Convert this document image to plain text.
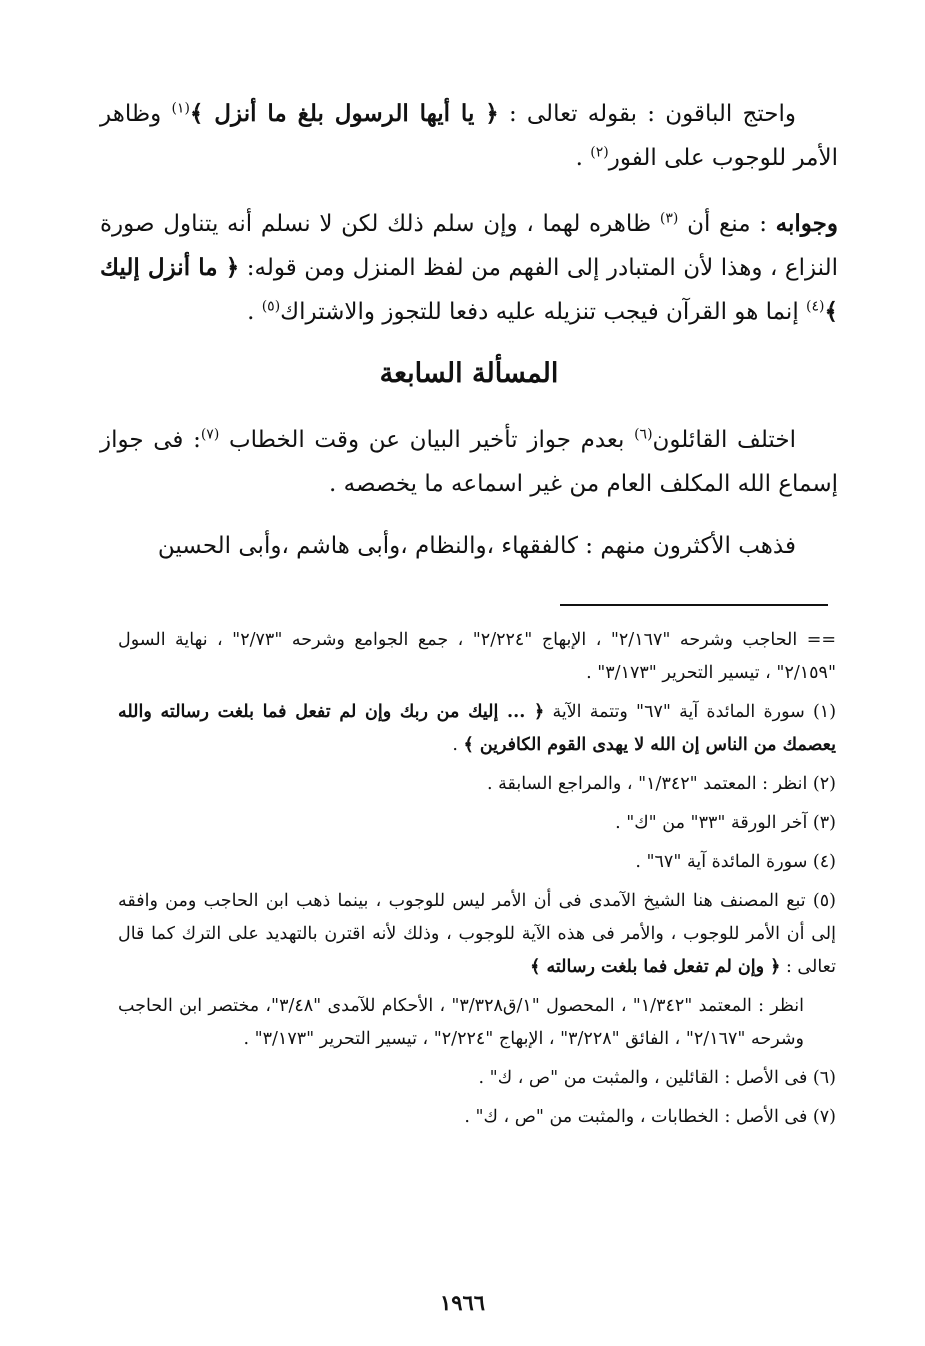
واحتج الباقون : بقوله تعالى : ﴿ يا أيها الرسول بلغ ما أنزل ﴾$^{(١)}$ وظاهر الأمر للوجوب على الفور$^{(٢)}$ .
وجوابه : منع أن $^{(٣)}$ ظاهره لهما ، وإن سلم ذلك لكن لا نسلم أنه يتناول صورة النزاع ، وهذا لأن المتبادر إلى الفهم من لفظ المنزل ومن قوله: ﴿ ما أنزل إليك ﴾$^{(٤)}$ إنما هو القرآن فيجب تنزيله عليه دفعا للتجوز والاشتراك$^{(٥)}$ .
المسألة السابعة
اختلف القائلون$^{(٦)}$ بعدم جواز تأخير البيان عن وقت الخطاب $^{(٧)}$: فى جواز إسماع الله المكلف العام من غير اسماعه ما يخصصه .
فذهب الأكثرون منهم : كالفقهاء ،والنظام ،وأبى هاشم ،وأبى الحسين
== الحاجب وشرحه "٢/١٦٧" ، الإبهاج "٢/٢٢٤" ، جمع الجوامع وشرحه "٢/٧٣" ، نهاية السول "٢/١٥٩" ، تيسير التحرير "٣/١٧٣" .
(١) سورة المائدة آية "٦٧" وتتمة الآية ﴿ ... إليك من ربك وإن لم تفعل فما بلغت رسالته والله يعصمك من الناس إن الله لا يهدى القوم الكافرين ﴾ .
(٢) انظر : المعتمد "١/٣٤٢" ، والمراجع السابقة .
(٣) آخر الورقة "٣٣" من "ك" .
(٤) سورة المائدة آية "٦٧" .
(٥) تبع المصنف هنا الشيخ الآمدى فى أن الأمر ليس للوجوب ، بينما ذهب ابن الحاجب ومن وافقه إلى أن الأمر للوجوب ، والأمر فى هذه الآية للوجوب ، وذلك لأنه اقترن بالتهديد على الترك كما قال تعالى : ﴿ وإن لم تفعل فما بلغت رسالته ﴾
انظر : المعتمد "١/٣٤٢" ، المحصول "١/ق٣/٣٢٨" ، الأحكام للآمدى "٣/٤٨"، مختصر ابن الحاجب وشرحه "٢/١٦٧" ، الفائق "٣/٢٢٨" ، الإبهاج "٢/٢٢٤" ، تيسير التحرير "٣/١٧٣" .
(٦) فى الأصل : القائلين ، والمثبت من "ص ، ك" .
(٧) فى الأصل : الخطابات ، والمثبت من "ص ، ك" .
١٩٦٦
